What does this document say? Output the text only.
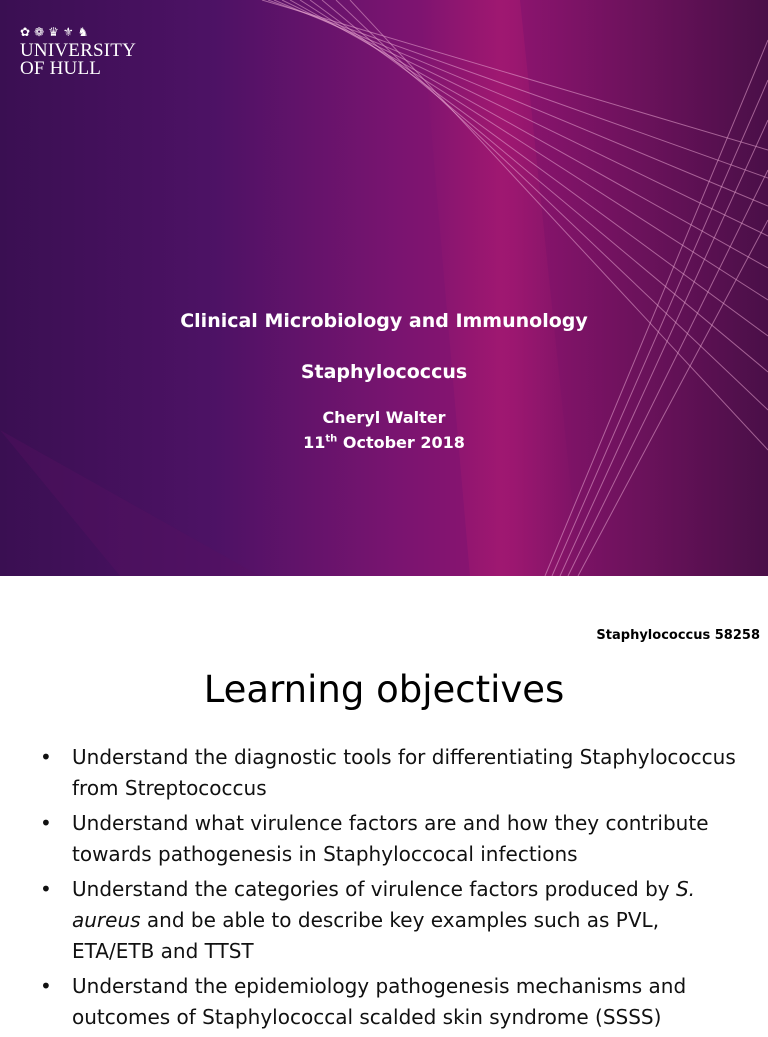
✿ ❁ ♛ ⚜ ♞
UNIVERSITY
OF HULL
Clinical Microbiology and Immunology
Staphylococcus
Cheryl Walter
11th October 2018
Staphylococcus 58258
Learning objectives
• Understand the diagnostic tools for differentiating Staphylococcus from Streptococcus
• Understand what virulence factors are and how they contribute towards pathogenesis in Staphyloccocal infections
• Understand the categories of virulence factors produced by S. aureus and be able to describe key examples such as PVL, ETA/ETB and TTST
• Understand the epidemiology pathogenesis mechanisms and outcomes of Staphylococcal scalded skin syndrome (SSSS)
